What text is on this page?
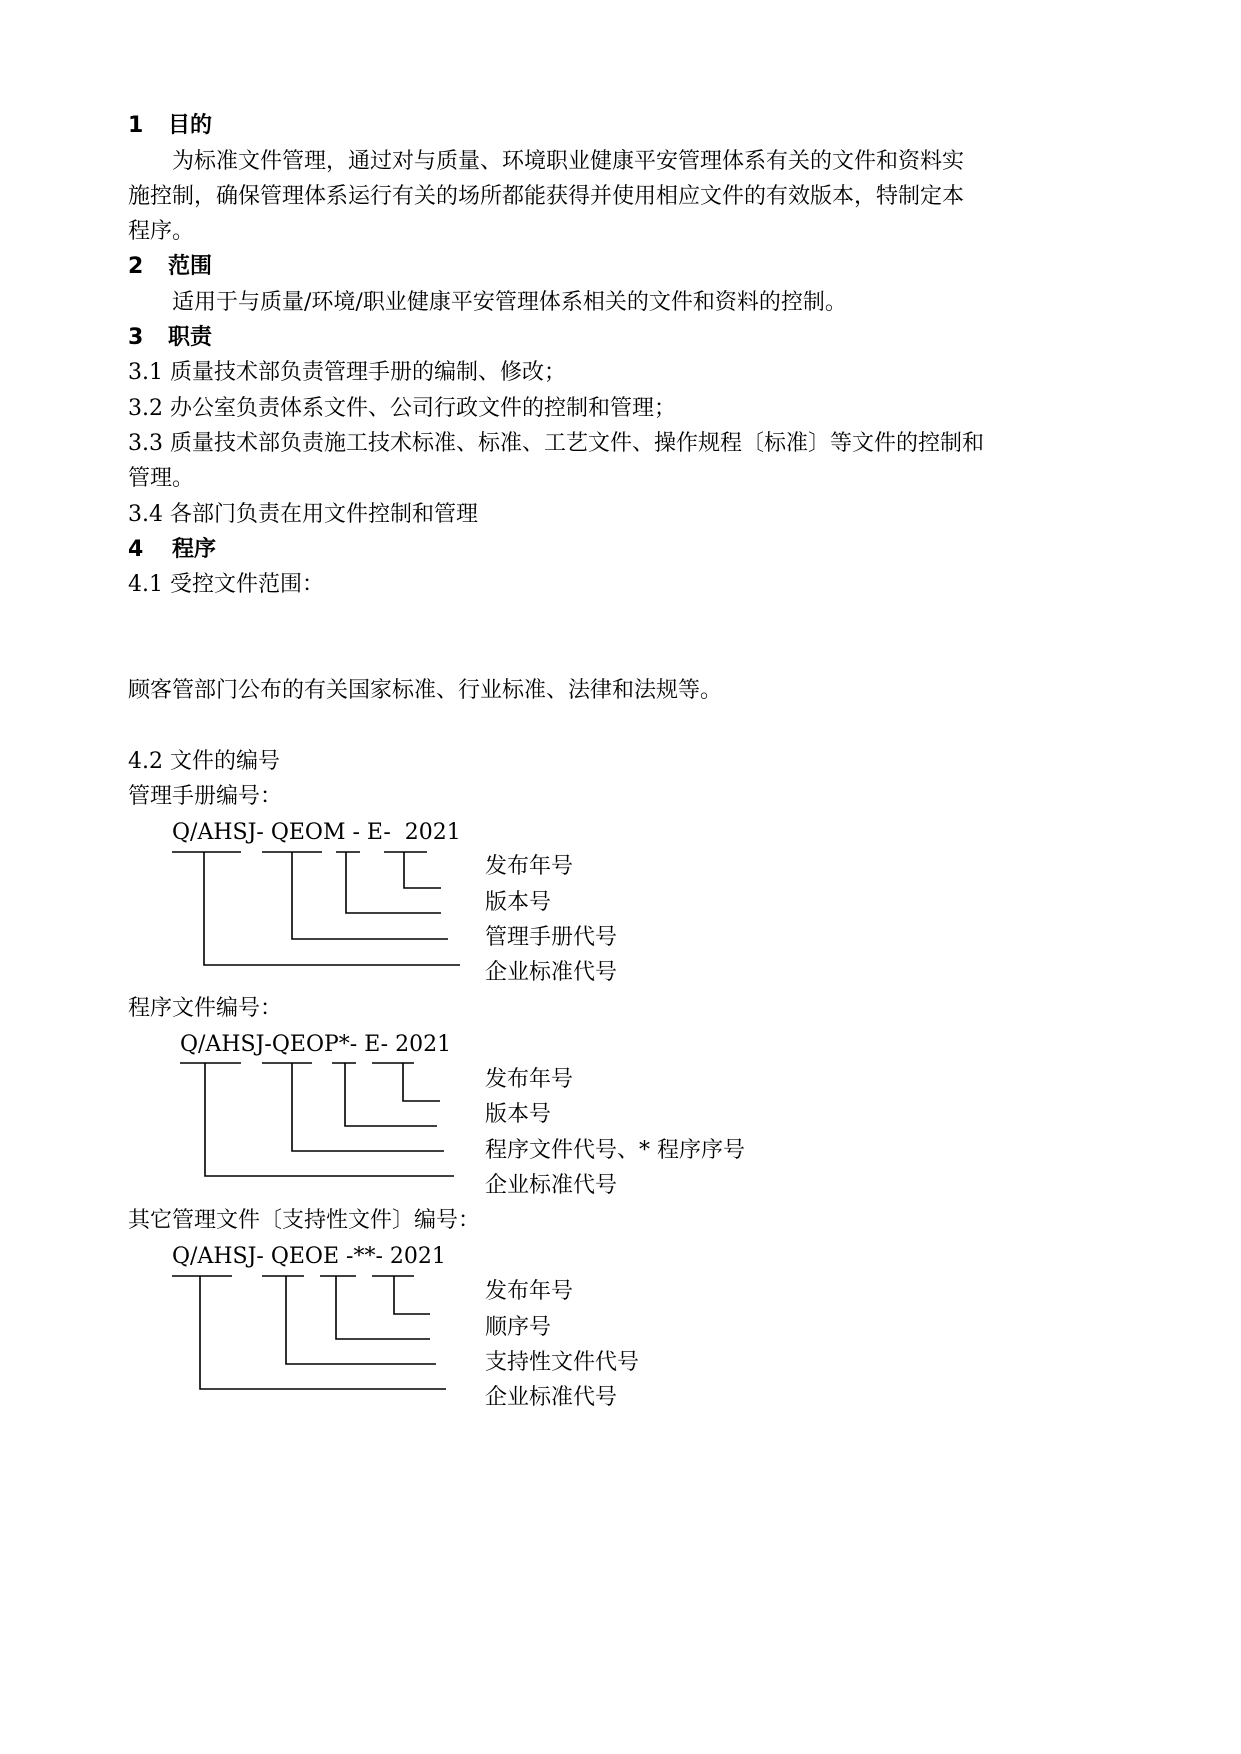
1 目的
为标准文件管理，通过对与质量、环境职业健康平安管理体系有关的文件和资料实
施控制，确保管理体系运行有关的场所都能获得并使用相应文件的有效版本，特制定本
程序。
2 范围
适用于与质量/环境/职业健康平安管理体系相关的文件和资料的控制。
3 职责
3.1 质量技术部负责管理手册的编制、修改；
3.2 办公室负责体系文件、公司行政文件的控制和管理；
3.3 质量技术部负责施工技术标准、标准、工艺文件、操作规程〔标准〕等文件的控制和
管理。
3.4 各部门负责在用文件控制和管理
4 程序
4.1 受控文件范围：
顾客管部门公布的有关国家标准、行业标准、法律和法规等。
4.2 文件的编号
管理手册编号：
Q/AHSJ- QEOM - E-  2021
发布年号
版本号
管理手册代号
企业标准代号
程序文件编号：
Q/AHSJ-QEOP*- E- 2021
发布年号
版本号
程序文件代号、* 程序序号
企业标准代号
其它管理文件〔支持性文件〕编号：
Q/AHSJ- QEOE -**- 2021
发布年号
顺序号
支持性文件代号
企业标准代号
